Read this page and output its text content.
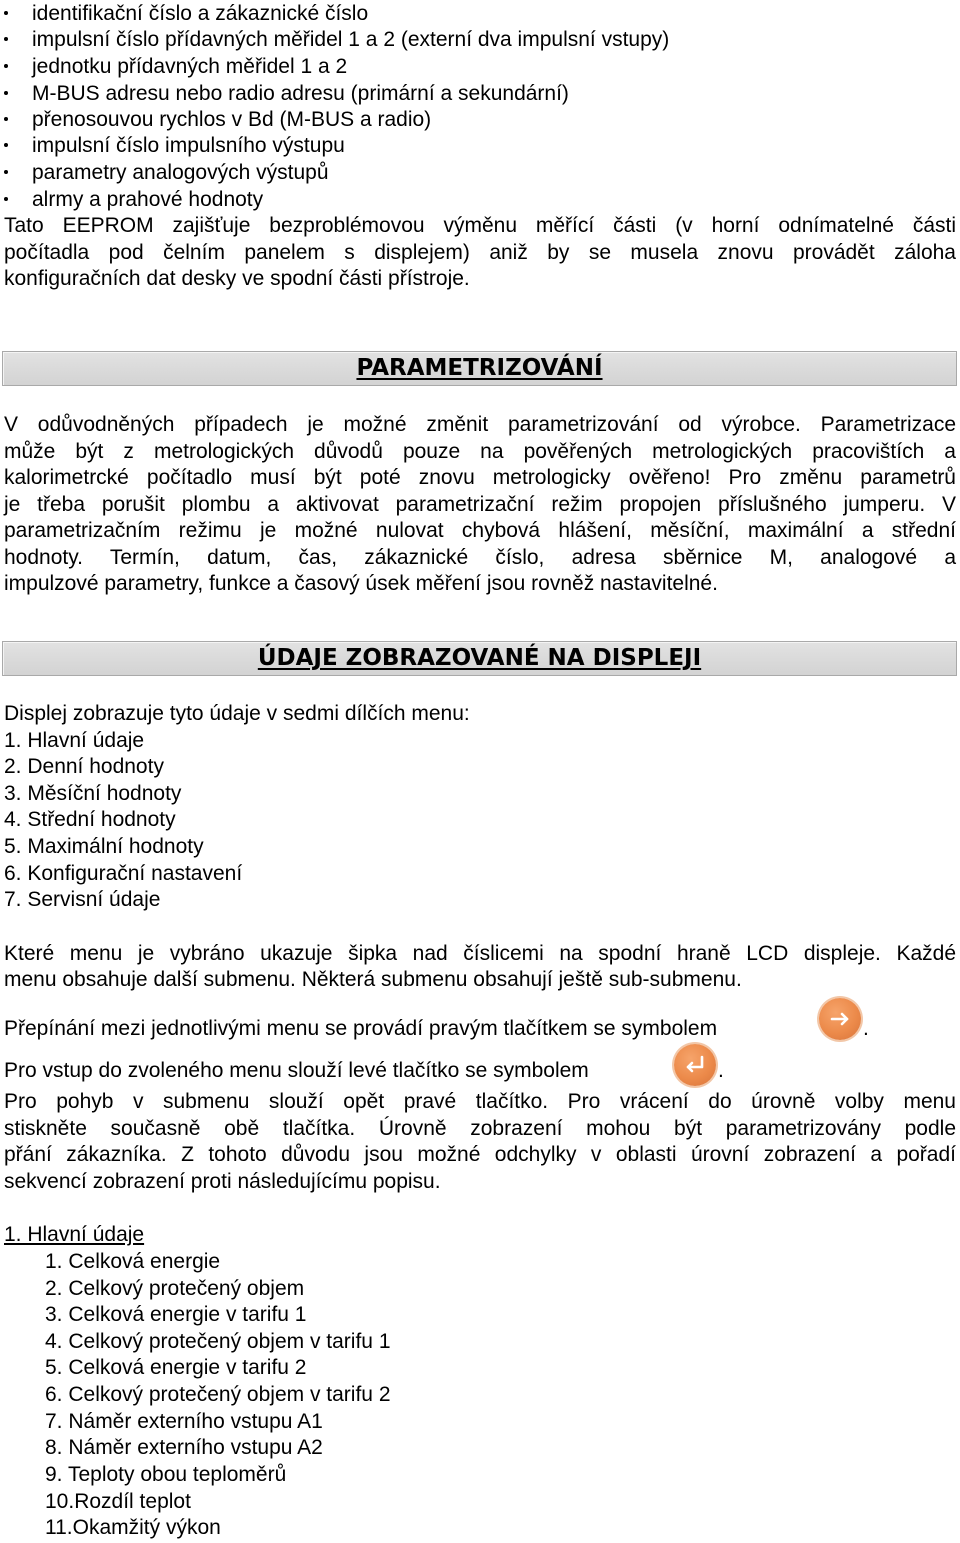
identifikační číslo a zákaznické číslo
impulsní číslo přídavných měřidel 1 a 2 (externí dva impulsní vstupy)
jednotku přídavných měřidel 1 a 2
M-BUS adresu nebo radio adresu (primární a sekundární)
přenosouvou rychlos v Bd (M-BUS a radio)
impulsní číslo impulsního výstupu
parametry analogových výstupů
alrmy a prahové hodnoty
Tato EEPROM zajišťuje bezproblémovou výměnu měřící části (v horní odnímatelné části
počítadla pod čelním panelem s displejem) aniž by se musela znovu provádět záloha
konfiguračních dat desky ve spodní části přístroje.
PARAMETRIZOVÁNÍ
V odůvodněných případech je možné změnit parametrizování od výrobce. Parametrizace
může být z metrologických důvodů pouze na pověřených metrologických pracovištích a
kalorimetrcké počítadlo musí být poté znovu metrologicky ověřeno! Pro změnu parametrů
je třeba porušit plombu a aktivovat parametrizační režim propojen příslušného jumperu. V
parametrizačním režimu je možné nulovat chybová hlášení, měsíční, maximální a střední
hodnoty. Termín, datum, čas, zákaznické číslo, adresa sběrnice M, analogové a
impulzové parametry, funkce a časový úsek měření jsou rovněž nastavitelné.
ÚDAJE ZOBRAZOVANÉ NA DISPLEJI
Displej zobrazuje tyto údaje v sedmi dílčích menu:
1. Hlavní údaje
2. Denní hodnoty
3. Měsíční hodnoty
4. Střední hodnoty
5. Maximální hodnoty
6. Konfigurační nastavení
7. Servisní údaje
Které menu je vybráno ukazuje šipka nad číslicemi na spodní hraně LCD displeje. Každé
menu obsahuje další submenu. Některá submenu obsahují ještě sub-submenu.
Přepínání mezi jednotlivými menu se provádí pravým tlačítkem se symbolem	.
Pro vstup do zvoleného menu slouží levé tlačítko se symbolem	.
Pro pohyb v submenu slouží opět pravé tlačítko. Pro vrácení do úrovně volby menu
stiskněte současně obě tlačítka. Úrovně zobrazení mohou být parametrizovány podle
přání zákazníka. Z tohoto důvodu jsou možné odchylky v oblasti úrovní zobrazení a pořadí
sekvencí zobrazení proti následujícímu popisu.
1. Hlavní údaje
1. Celková energie
2. Celkový protečený objem
3. Celková energie v tarifu 1
4. Celkový protečený objem v tarifu 1
5. Celková energie v tarifu 2
6. Celkový protečený objem v tarifu 2
7. Náměr externího vstupu A1
8. Náměr externího vstupu A2
9. Teploty obou teploměrů
10.Rozdíl teplot
11.Okamžitý výkon
